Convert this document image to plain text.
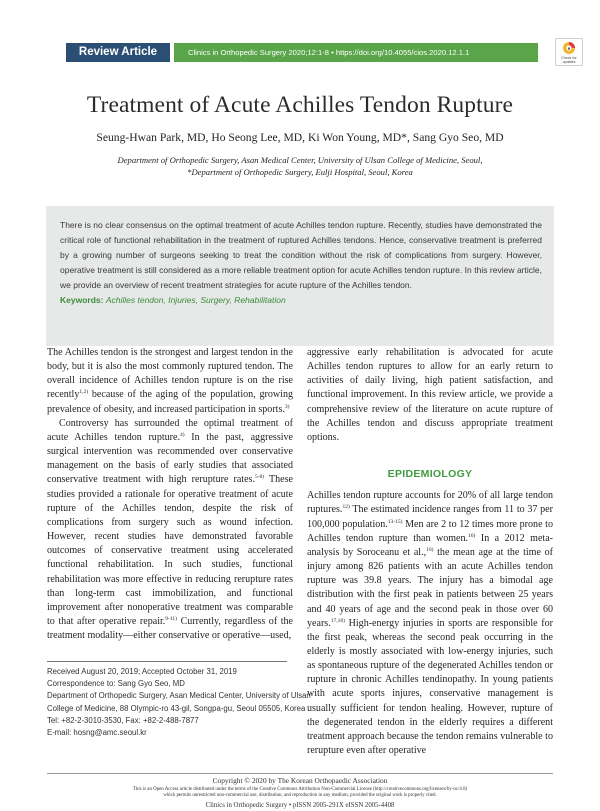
Review Article	Clinics in Orthopedic Surgery 2020;12:1-8 • https://doi.org/10.4055/cios.2020.12.1.1
Check for updates
Treatment of Acute Achilles Tendon Rupture
Seung-Hwan Park, MD, Ho Seong Lee, MD, Ki Won Young, MD*, Sang Gyo Seo, MD
Department of Orthopedic Surgery, Asan Medical Center, University of Ulsan College of Medicine, Seoul,
*Department of Orthopedic Surgery, Eulji Hospital, Seoul, Korea
There is no clear consensus on the optimal treatment of acute Achilles tendon rupture. Recently, studies have demonstrated the critical role of functional rehabilitation in the treatment of ruptured Achilles tendons. Hence, conservative treatment is preferred by a growing number of surgeons seeking to treat the condition without the risk of complications from surgery. However, operative treatment is still considered as a more reliable treatment option for acute Achilles tendon rupture. In this review article, we provide an overview of recent treatment strategies for acute rupture of the Achilles tendon.
Keywords: Achilles tendon, Injuries, Surgery, Rehabilitation

The Achilles tendon is the strongest and largest tendon in the body, but it is also the most commonly ruptured tendon. The overall incidence of Achilles tendon rupture is on the rise recently$^{1,2)}$ because of the aging of the population, growing prevalence of obesity, and increased participation in sports.$^{3)}$

Controversy has surrounded the optimal treatment of acute Achilles tendon rupture.$^{4)}$ In the past, aggressive surgical intervention was recommended over conservative management on the basis of early studies that associated conservative treatment with high rerupture rates.$^{5-8)}$ These studies provided a rationale for operative treatment of acute rupture of the Achilles tendon, despite the risk of complications from surgery such as wound infection. However, recent studies have demonstrated favorable outcomes of conservative treatment using accelerated functional rehabilitation. In such studies, functional rehabilitation was more effective in reducing rerupture rates than long-term cast immobilization, and functional improvement after nonoperative treatment was comparable to that after operative repair.$^{9-11)}$ Currently, regardless of the treatment modality—either conservative or operative—used,

aggressive early rehabilitation is advocated for acute Achilles tendon ruptures to allow for an early return to activities of daily living, high patient satisfaction, and functional improvement. In this review article, we provide a comprehensive review of the literature on acute rupture of the Achilles tendon and discuss appropriate treatment options.

EPIDEMIOLOGY

Achilles tendon rupture accounts for 20% of all large tendon ruptures.$^{12)}$ The estimated incidence ranges from 11 to 37 per 100,000 population.$^{13-15)}$ Men are 2 to 12 times more prone to Achilles tendon rupture than women.$^{16)}$ In a 2012 meta-analysis by Soroceanu et al.,$^{10)}$ the mean age at the time of injury among 826 patients with an acute Achilles tendon rupture was 39.8 years. The injury has a bimodal age distribution with the first peak in patients between 25 years and 40 years of age and the second peak in those over 60 years.$^{17,18)}$ High-energy injuries in sports are responsible for the first peak, whereas the second peak occurring in the elderly is mostly associated with low-energy injuries, such as spontaneous rupture of the degenerated Achilles tendon or rupture in chronic Achilles tendinopathy. In young patients with acute sports injures, conservative management is usually sufficient for tendon healing. However, rupture of the degenerated tendon in the elderly requires a different treatment approach because the tendon remains vulnerable to rerupture even after operative

Received August 20, 2019; Accepted October 31, 2019
Correspondence to: Sang Gyo Seo, MD
Department of Orthopedic Surgery, Asan Medical Center, University of Ulsan
College of Medicine, 88 Olympic-ro 43-gil, Songpa-gu, Seoul 05505, Korea
Tel: +82-2-3010-3530, Fax: +82-2-488-7877
E-mail: hosng@amc.seoul.kr
Copyright © 2020 by The Korean Orthopaedic Association
This is an Open Access article distributed under the terms of the Creative Commons Attribution Non-Commercial License (http://creativecommons.org/licenses/by-nc/4.0)
which permits unrestricted non-commercial use, distribution, and reproduction in any medium, provided the original work is properly cited.
Clinics in Orthopedic Surgery • pISSN 2005-291X eISSN 2005-4408
